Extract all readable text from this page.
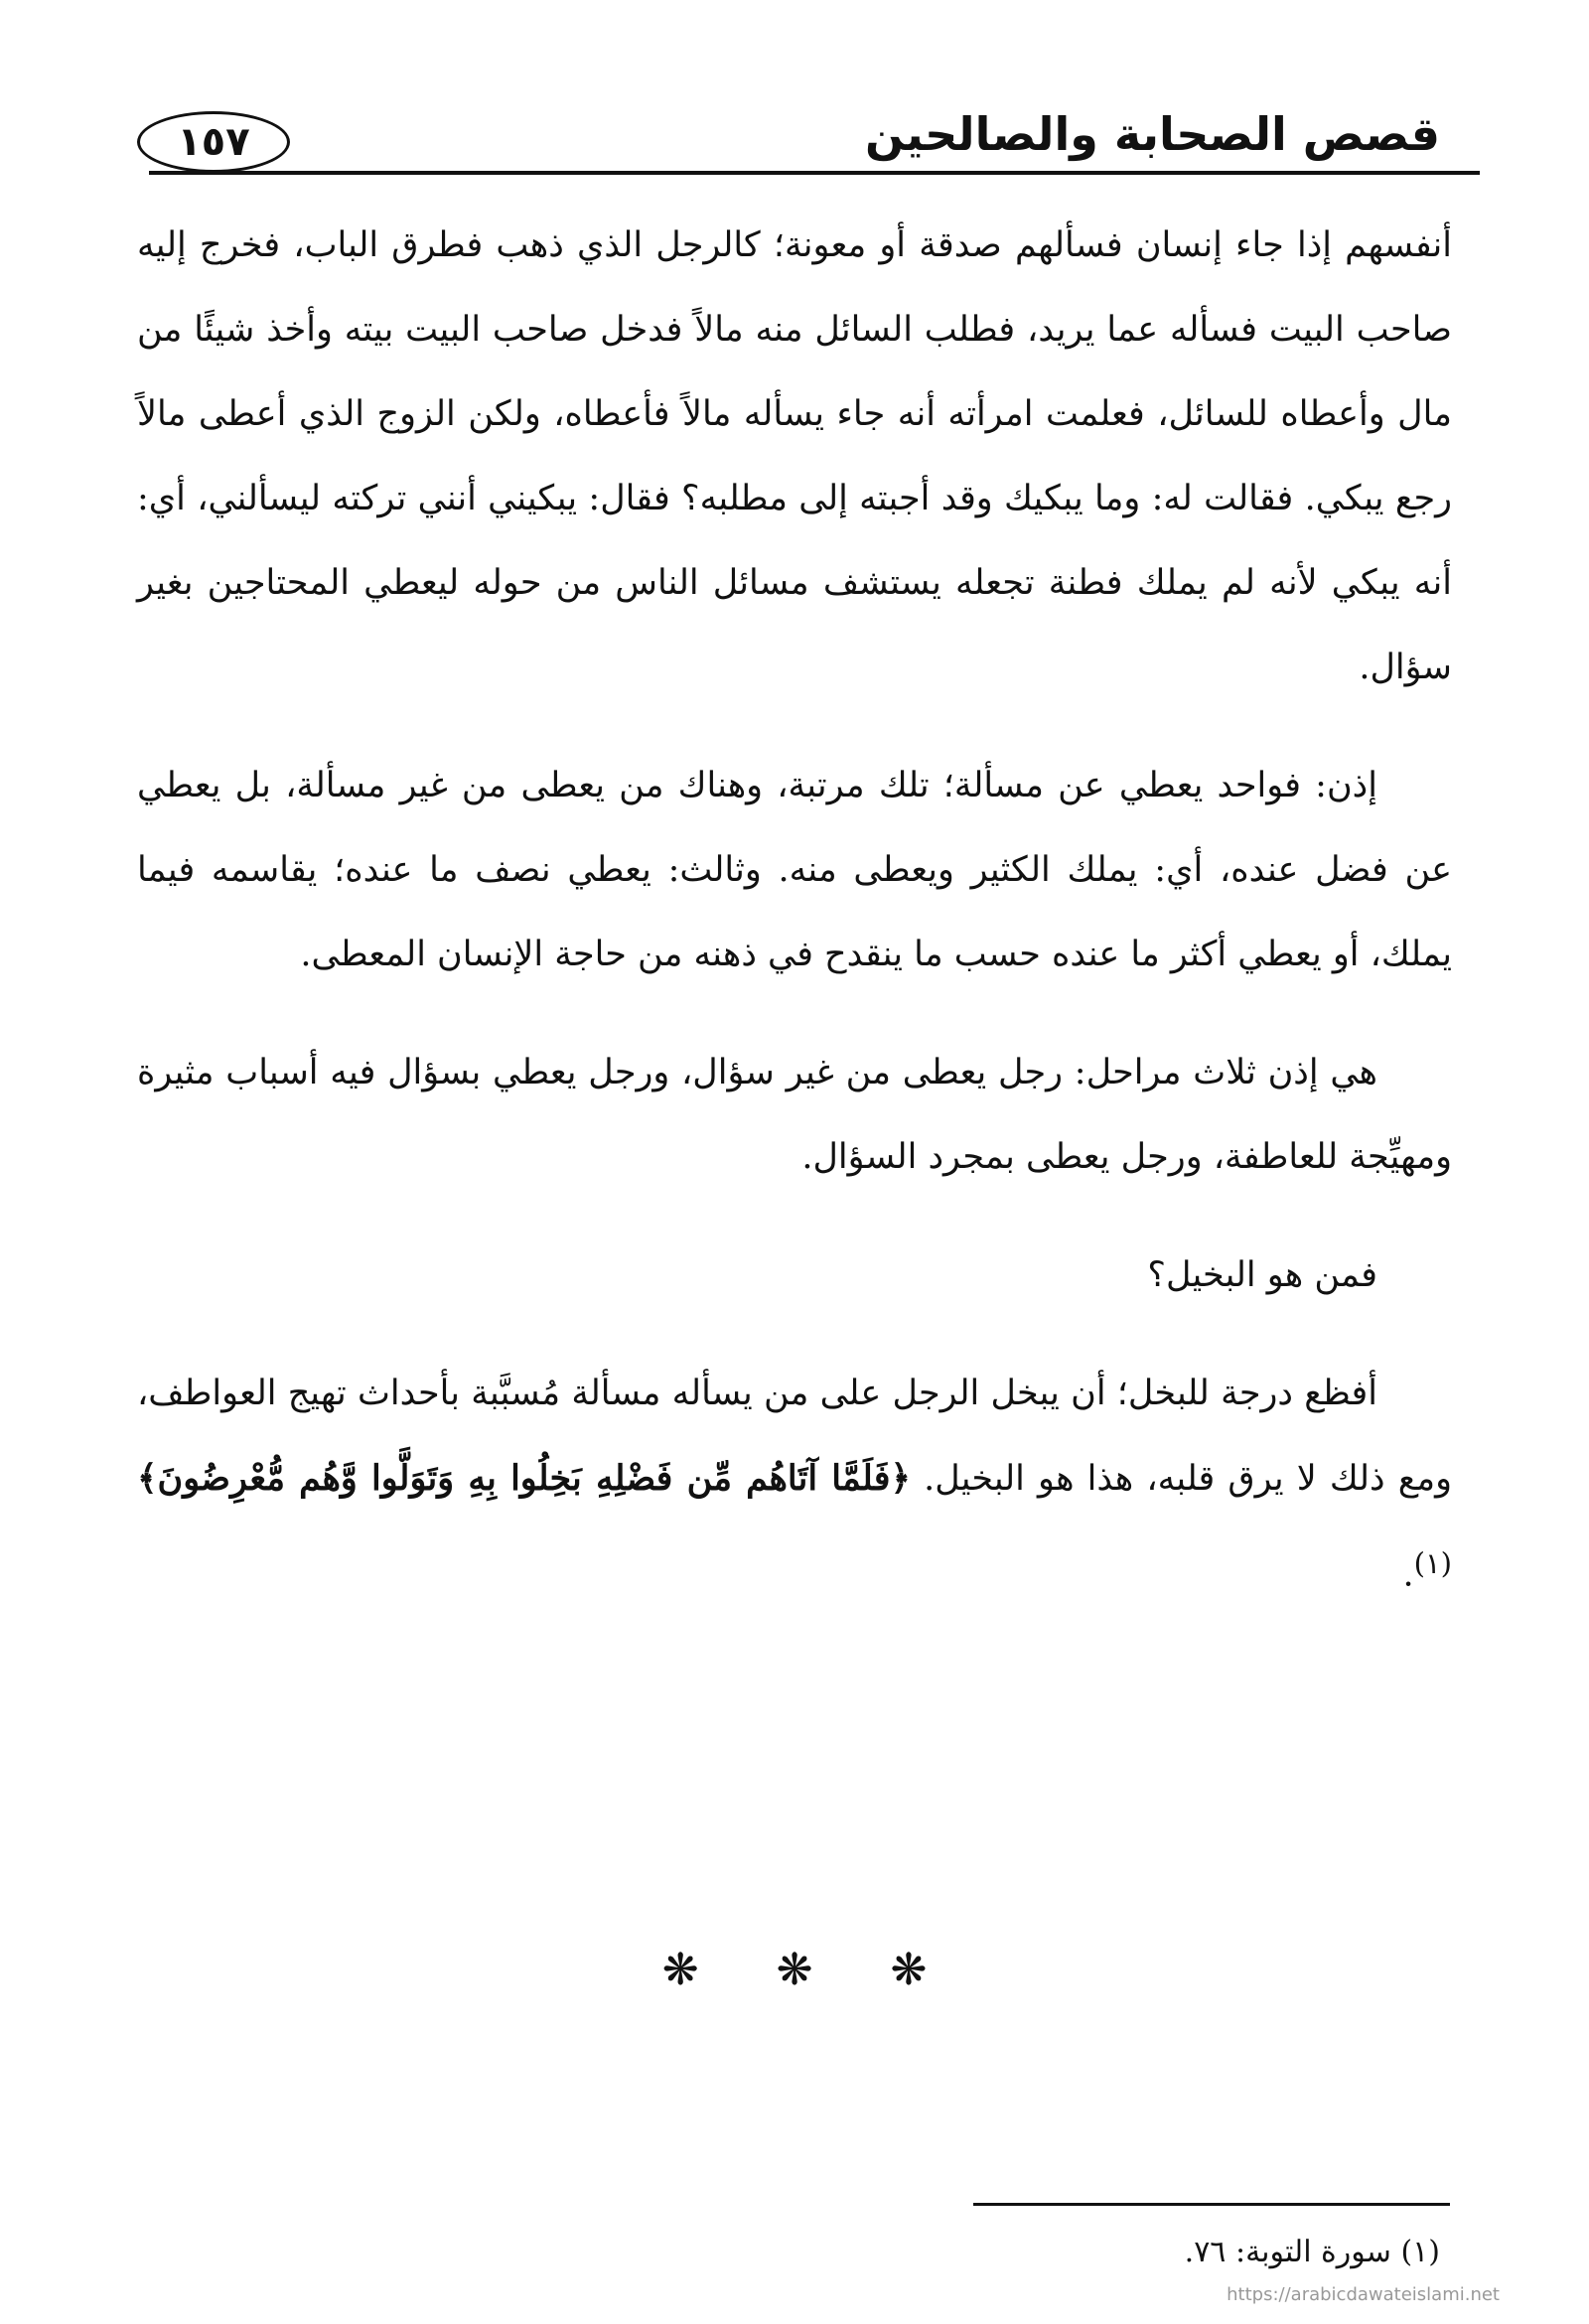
قصص الصحابة والصالحين
١٥٧

أنفسهم إذا جاء إنسان فسألهم صدقة أو معونة؛ كالرجل الذي ذهب فطرق الباب، فخرج إليه صاحب البيت فسأله عما يريد، فطلب السائل منه مالاً فدخل صاحب البيت بيته وأخذ شيئًا من مال وأعطاه للسائل، فعلمت امرأته أنه جاء يسأله مالاً فأعطاه، ولكن الزوج الذي أعطى مالاً رجع يبكي. فقالت له: وما يبكيك وقد أجبته إلى مطلبه؟ فقال: يبكيني أنني تركته ليسألني، أي: أنه يبكي لأنه لم يملك فطنة تجعله يستشف مسائل الناس من حوله ليعطي المحتاجين بغير سؤال.

إذن: فواحد يعطي عن مسألة؛ تلك مرتبة، وهناك من يعطى من غير مسألة، بل يعطي عن فضل عنده، أي: يملك الكثير ويعطى منه. وثالث: يعطي نصف ما عنده؛ يقاسمه فيما يملك، أو يعطي أكثر ما عنده حسب ما ينقدح في ذهنه من حاجة الإنسان المعطى.

هي إذن ثلاث مراحل: رجل يعطى من غير سؤال، ورجل يعطي بسؤال فيه أسباب مثيرة ومهيِّجة للعاطفة، ورجل يعطى بمجرد السؤال.

فمن هو البخيل؟

أفظع درجة للبخل؛ أن يبخل الرجل على من يسأله مسألة مُسبَّبة بأحداث تهيج العواطف، ومع ذلك لا يرق قلبه، هذا هو البخيل. ﴿فَلَمَّا آتَاهُم مِّن فَضْلِهِ بَخِلُوا بِهِ وَتَوَلَّوا وَّهُم مُّعْرِضُونَ﴾$^{(١)}$.

❋ ❋ ❋
(١) سورة التوبة: ٧٦.
https://arabicdawateislami.net
